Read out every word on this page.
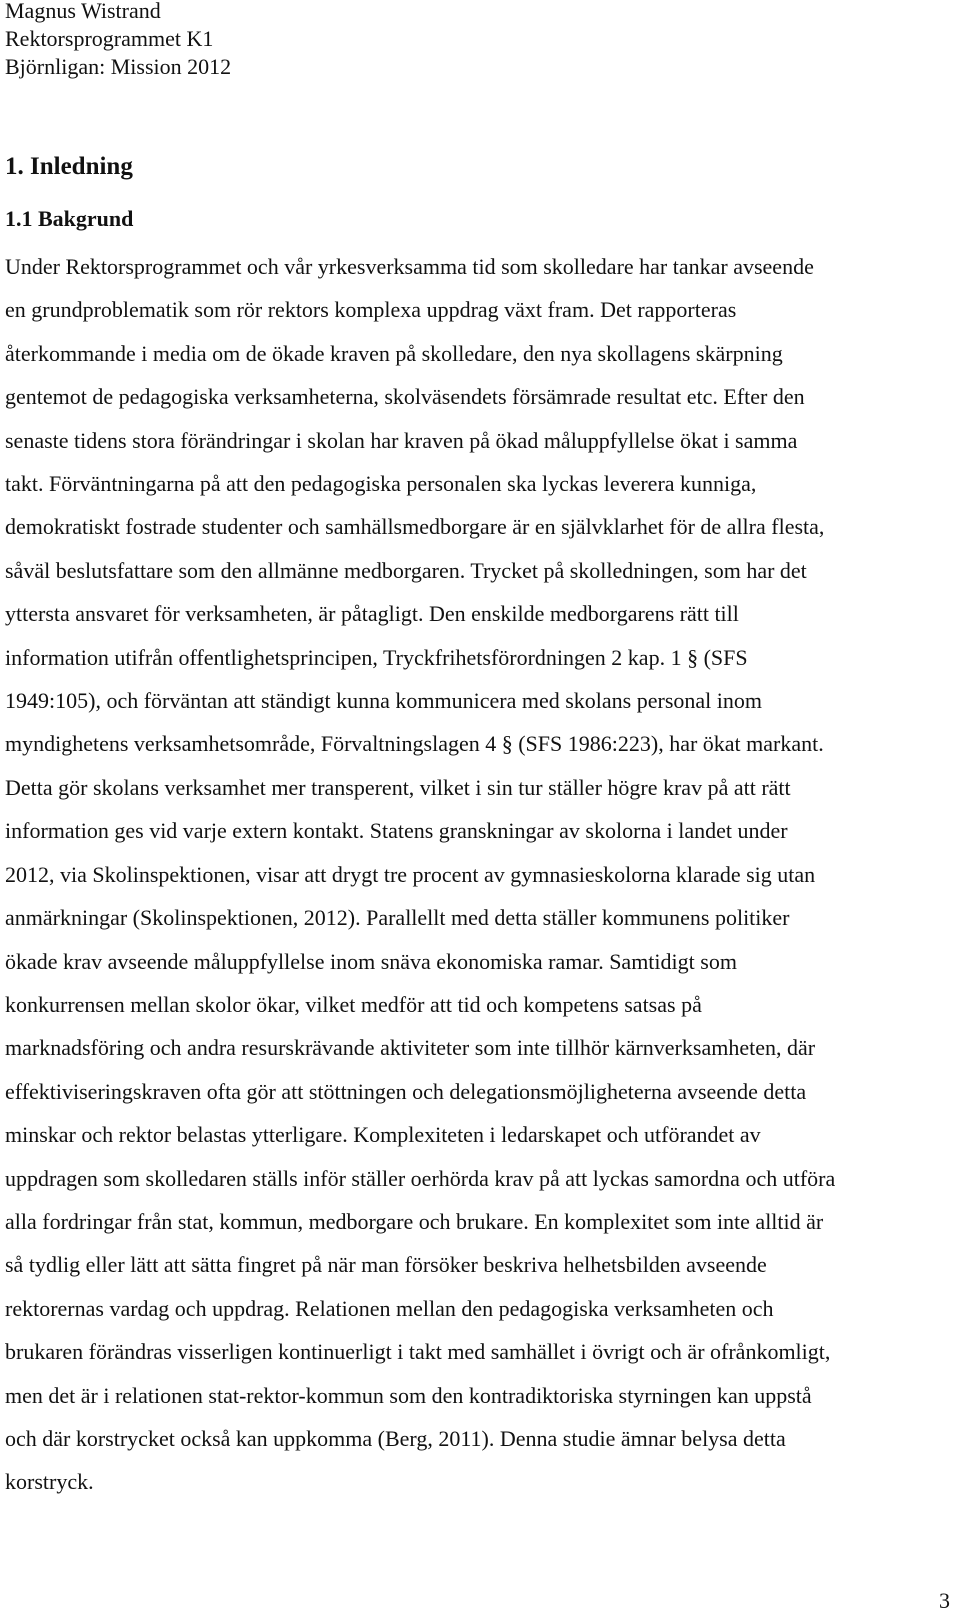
Magnus Wistrand
Rektorsprogrammet K1
Björnligan: Mission 2012
1. Inledning
1.1 Bakgrund

Under Rektorsprogrammet och vår yrkesverksamma tid som skolledare har tankar avseende
en grundproblematik som rör rektors komplexa uppdrag växt fram. Det rapporteras
återkommande i media om de ökade kraven på skolledare, den nya skollagens skärpning
gentemot de pedagogiska verksamheterna, skolväsendets försämrade resultat etc. Efter den
senaste tidens stora förändringar i skolan har kraven på ökad måluppfyllelse ökat i samma
takt. Förväntningarna på att den pedagogiska personalen ska lyckas leverera kunniga,
demokratiskt fostrade studenter och samhällsmedborgare är en självklarhet för de allra flesta,
såväl beslutsfattare som den allmänne medborgaren. Trycket på skolledningen, som har det
yttersta ansvaret för verksamheten, är påtagligt. Den enskilde medborgarens rätt till
information utifrån offentlighetsprincipen, Tryckfrihetsförordningen 2 kap. 1 § (SFS
1949:105), och förväntan att ständigt kunna kommunicera med skolans personal inom
myndighetens verksamhetsområde, Förvaltningslagen 4 § (SFS 1986:223), har ökat markant.
Detta gör skolans verksamhet mer transperent, vilket i sin tur ställer högre krav på att rätt
information ges vid varje extern kontakt. Statens granskningar av skolorna i landet under
2012, via Skolinspektionen, visar att drygt tre procent av gymnasieskolorna klarade sig utan
anmärkningar (Skolinspektionen, 2012). Parallellt med detta ställer kommunens politiker
ökade krav avseende måluppfyllelse inom snäva ekonomiska ramar. Samtidigt som
konkurrensen mellan skolor ökar, vilket medför att tid och kompetens satsas på
marknadsföring och andra resurskrävande aktiviteter som inte tillhör kärnverksamheten, där
effektiviseringskraven ofta gör att stöttningen och delegationsmöjligheterna avseende detta
minskar och rektor belastas ytterligare. Komplexiteten i ledarskapet och utförandet av
uppdragen som skolledaren ställs inför ställer oerhörda krav på att lyckas samordna och utföra
alla fordringar från stat, kommun, medborgare och brukare. En komplexitet som inte alltid är
så tydlig eller lätt att sätta fingret på när man försöker beskriva helhetsbilden avseende
rektorernas vardag och uppdrag. Relationen mellan den pedagogiska verksamheten och
brukaren förändras visserligen kontinuerligt i takt med samhället i övrigt och är ofrånkomligt,
men det är i relationen stat-rektor-kommun som den kontradiktoriska styrningen kan uppstå
och där korstrycket också kan uppkomma (Berg, 2011). Denna studie ämnar belysa detta
korstryck.

3
